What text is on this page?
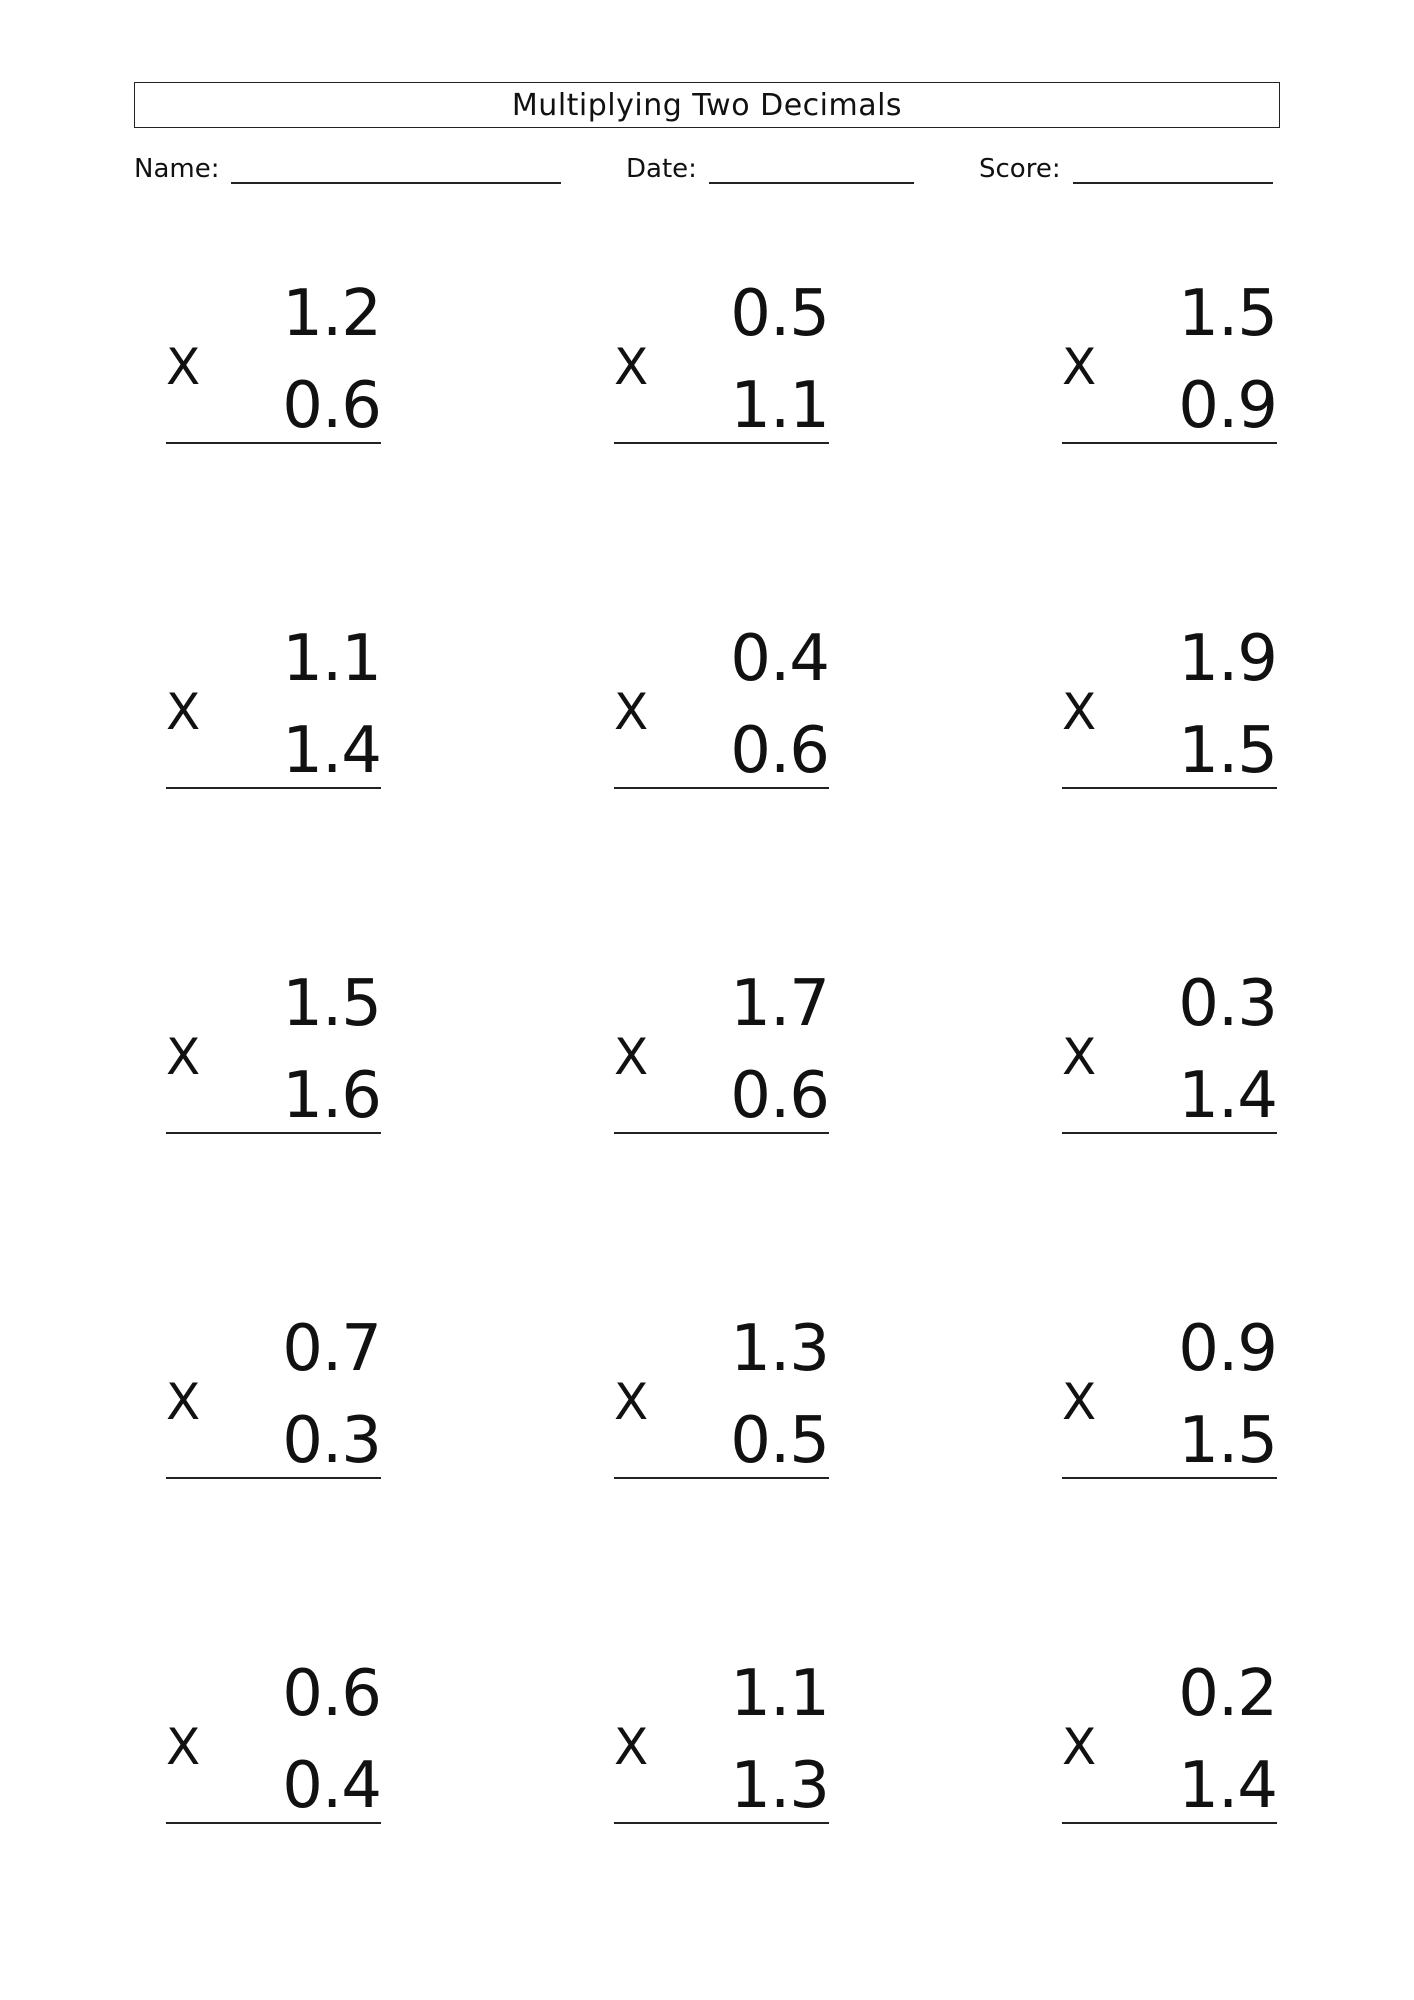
Multiplying Two Decimals
Name:	Date:	Score:
X
1.2
0.6
X
0.5
1.1
X
1.5
0.9
X
1.1
1.4
X
0.4
0.6
X
1.9
1.5
X
1.5
1.6
X
1.7
0.6
X
0.3
1.4
X
0.7
0.3
X
1.3
0.5
X
0.9
1.5
X
0.6
0.4
X
1.1
1.3
X
0.2
1.4
